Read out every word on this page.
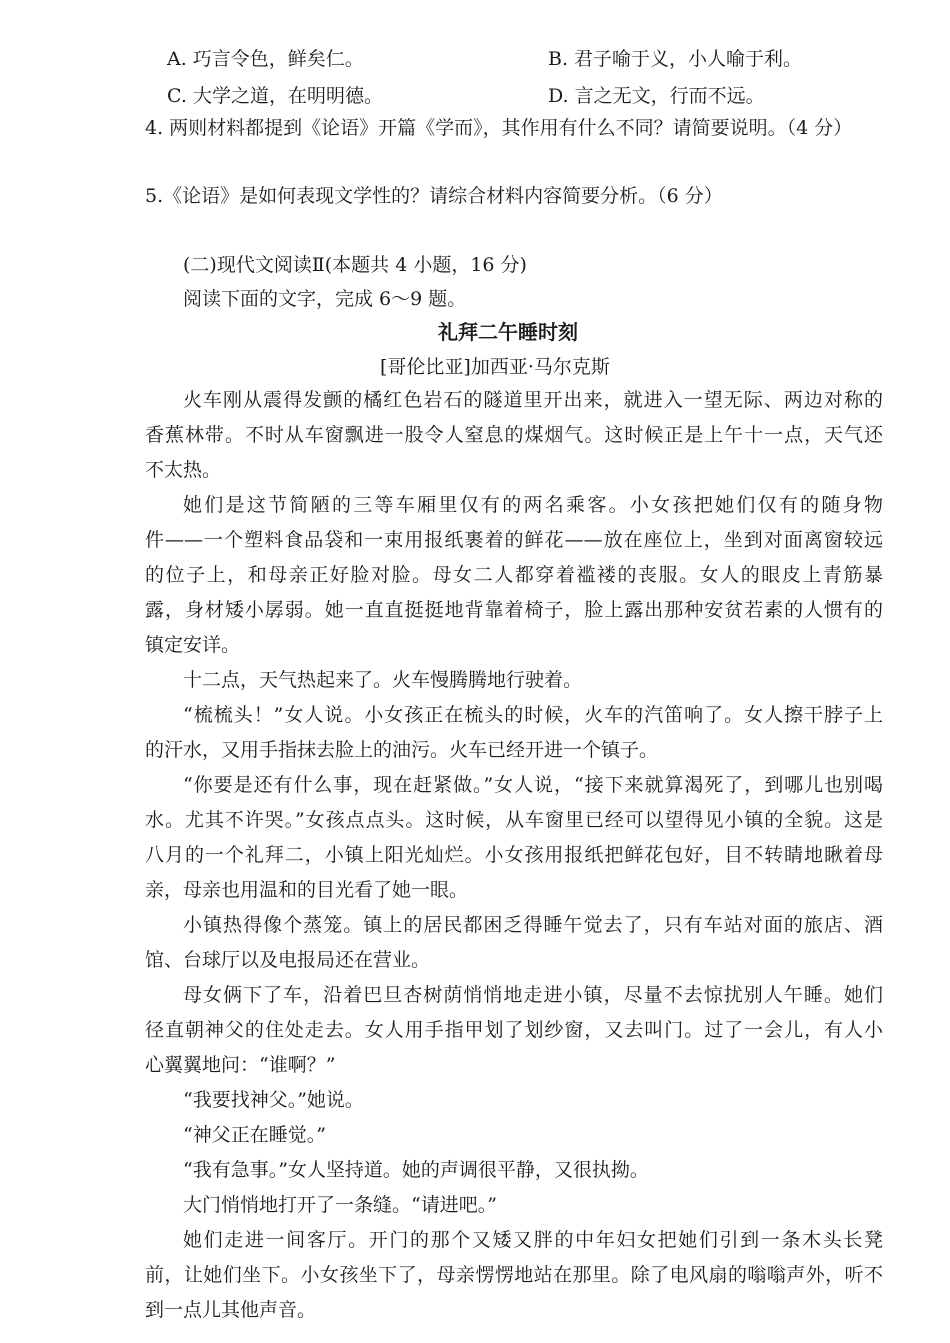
A. 巧言令色，鲜矣仁。	B. 君子喻于义，小人喻于利。
C. 大学之道，在明明德。	D. 言之无文，行而不远。
4. 两则材料都提到《论语》开篇《学而》，其作用有什么不同？请简要说明。（4 分）
5.《论语》是如何表现文学性的？请综合材料内容简要分析。（6 分）
(二)现代文阅读Ⅱ(本题共 4 小题，16 分)
阅读下面的文字，完成 6～9 题。
礼拜二午睡时刻
[哥伦比亚]加西亚·马尔克斯
火车刚从震得发颤的橘红色岩石的隧道里开出来，就进入一望无际、两边对称的
香蕉林带。不时从车窗飘进一股令人窒息的煤烟气。这时候正是上午十一点，天气还
不太热。
她们是这节简陋的三等车厢里仅有的两名乘客。小女孩把她们仅有的随身物
件——一个塑料食品袋和一束用报纸裹着的鲜花——放在座位上，坐到对面离窗较远
的位子上，和母亲正好脸对脸。母女二人都穿着褴褛的丧服。女人的眼皮上青筋暴
露，身材矮小孱弱。她一直直挺挺地背靠着椅子，脸上露出那种安贫若素的人惯有的
镇定安详。
十二点，天气热起来了。火车慢腾腾地行驶着。
“梳梳头！”女人说。小女孩正在梳头的时候，火车的汽笛响了。女人擦干脖子上
的汗水，又用手指抹去脸上的油污。火车已经开进一个镇子。
“你要是还有什么事，现在赶紧做。”女人说，“接下来就算渴死了，到哪儿也别喝
水。尤其不许哭。”女孩点点头。这时候，从车窗里已经可以望得见小镇的全貌。这是
八月的一个礼拜二，小镇上阳光灿烂。小女孩用报纸把鲜花包好，目不转睛地瞅着母
亲，母亲也用温和的目光看了她一眼。
小镇热得像个蒸笼。镇上的居民都困乏得睡午觉去了，只有车站对面的旅店、酒
馆、台球厅以及电报局还在营业。
母女俩下了车，沿着巴旦杏树荫悄悄地走进小镇，尽量不去惊扰别人午睡。她们
径直朝神父的住处走去。女人用手指甲划了划纱窗，又去叫门。过了一会儿，有人小
心翼翼地问：“谁啊？”
“我要找神父。”她说。
“神父正在睡觉。”
“我有急事。”女人坚持道。她的声调很平静，又很执拗。
大门悄悄地打开了一条缝。“请进吧。”
她们走进一间客厅。开门的那个又矮又胖的中年妇女把她们引到一条木头长凳
前，让她们坐下。小女孩坐下了，母亲愣愣地站在那里。除了电风扇的嗡嗡声外，听不
到一点儿其他声音。
